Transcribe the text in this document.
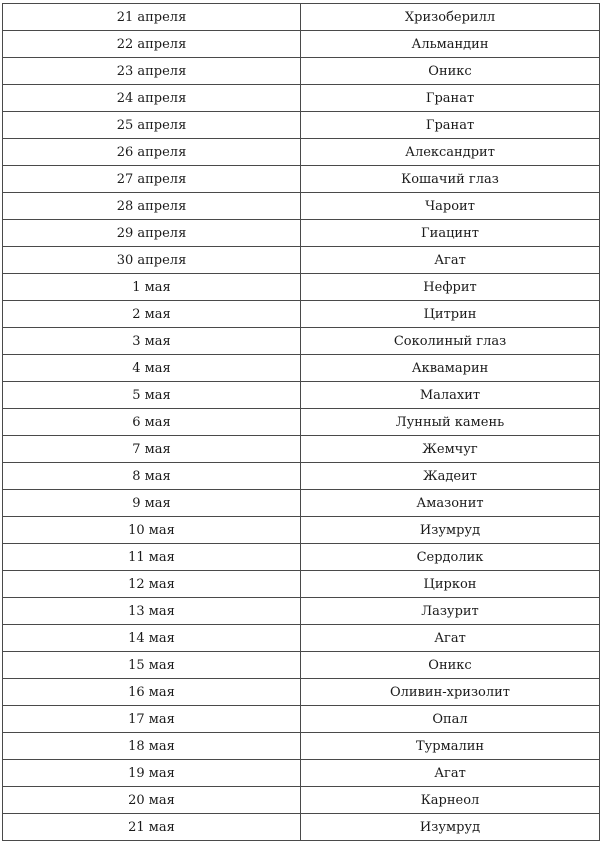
21 апреля	Хризоберилл
22 апреля	Альмандин
23 апреля	Оникс
24 апреля	Гранат
25 апреля	Гранат
26 апреля	Александрит
27 апреля	Кошачий глаз
28 апреля	Чароит
29 апреля	Гиацинт
30 апреля	Агат
1 мая	Нефрит
2 мая	Цитрин
3 мая	Соколиный глаз
4 мая	Аквамарин
5 мая	Малахит
6 мая	Лунный камень
7 мая	Жемчуг
8 мая	Жадеит
9 мая	Амазонит
10 мая	Изумруд
11 мая	Сердолик
12 мая	Циркон
13 мая	Лазурит
14 мая	Агат
15 мая	Оникс
16 мая	Оливин-хризолит
17 мая	Опал
18 мая	Турмалин
19 мая	Агат
20 мая	Карнеол
21 мая	Изумруд
